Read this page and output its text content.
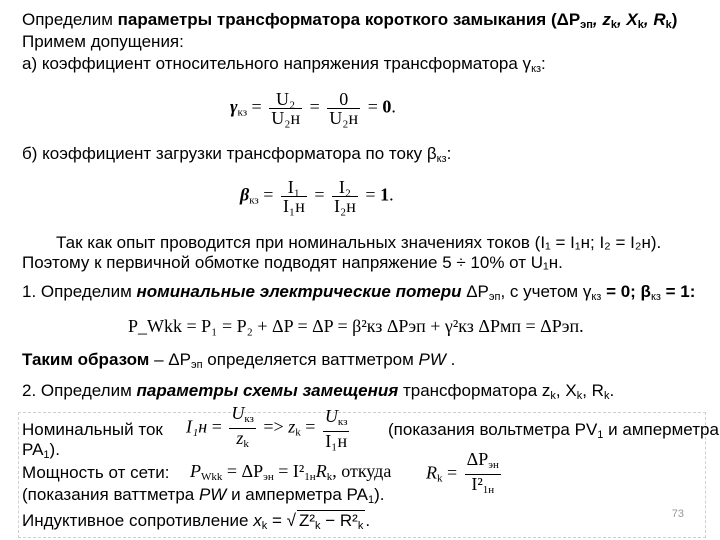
Определим параметры трансформатора короткого замыкания ($\Delta P_{эп}$, $z_k$, $X_k$, $R_k$)
Примем допущения:
а) коэффициент относительного напряжения трансформатора $\gamma_{кз}$:
$\gamma_{кз} = \frac{\text{U₂}}{\text{U₂н}} = \frac{0}{\text{U₂н}} = 0$.
б) коэффициент загрузки трансформатора по току $\beta_{кз}$:
$\beta_{кз} = \frac{\text{I₁}}{\text{I₁н}} = \frac{\text{I₂}}{\text{I₂н}} = 1$.
Так как опыт проводится при номинальных значениях токов (I₁ = I₁н; I₂ = I₂н).
Поэтому к первичной обмотке подводят напряжение 5 ÷ 10% от U₁н.
1. Определим номинальные электрические потери $\Delta P_{эп}$, с учетом $\gamma_{кз} = 0$; $\beta_{кз} = 1$:
P_Wkk = P₁ = P₂ + ΔP = ΔP = β²кз ΔPэп + γ²кз ΔPмп = ΔPэп.
Таким образом – $\Delta P_{эп}$ определяется ваттметром PW .
2. Определим параметры схемы замещения трансформатора $z_k$, $X_k$, $R_k$.
Номинальный ток $I_1н = \frac{U_{кз}}{z_k} => z_k = \frac{U_{кз}}{\text{I₁н}}$ (показания вольтметра $PV_1$ и амперметра
$PA_1$).
Мощность от сети: $P_{Wkk} = \Delta P_{эн} = I^2_{1н}R_k$, откуда $R_k = \frac{\Delta P_{эн}}{I^2_{1н}}$
(показания ваттметра PW и амперметра $PA_1$).
Индуктивное сопротивление $x_k$ = √ $Z^2_k - R^2_k$ .	73
